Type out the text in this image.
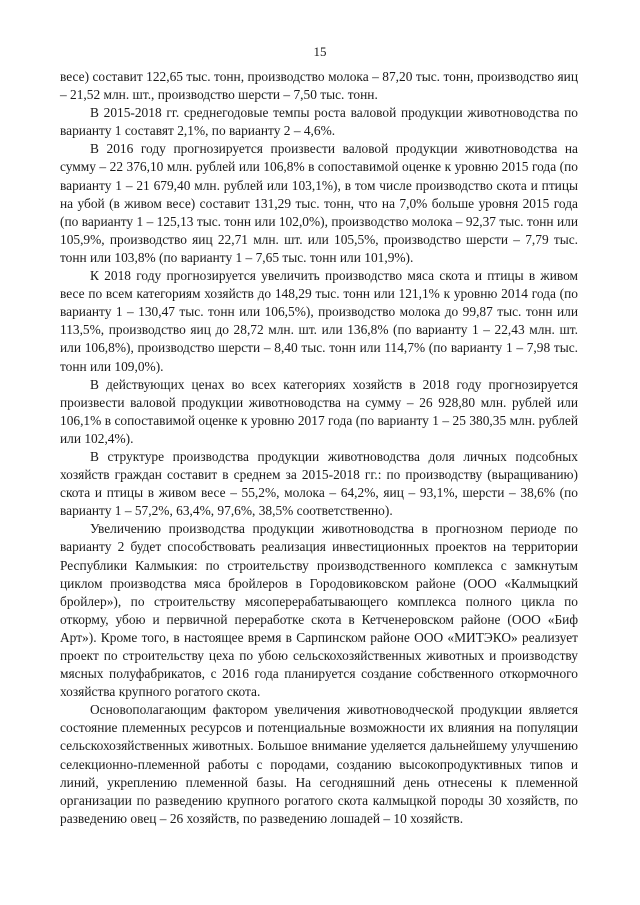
15

весе) составит 122,65 тыс. тонн, производство молока – 87,20 тыс. тонн, производство яиц – 21,52 млн. шт., производство шерсти – 7,50 тыс. тонн.

В 2015-2018 гг. среднегодовые темпы роста валовой продукции животноводства по варианту 1 составят 2,1%, по варианту 2 – 4,6%.

В 2016 году прогнозируется произвести валовой продукции животноводства на сумму – 22 376,10 млн. рублей или 106,8% в сопоставимой оценке к уровню 2015 года (по варианту 1 – 21 679,40 млн. рублей или 103,1%), в том числе производство скота и птицы на убой (в живом весе) составит 131,29 тыс. тонн, что на 7,0% больше уровня 2015 года (по варианту 1 – 125,13 тыс. тонн или 102,0%), производство молока – 92,37 тыс. тонн или 105,9%, производство яиц 22,71 млн. шт. или 105,5%, производство шерсти – 7,79 тыс. тонн или 103,8% (по варианту 1 – 7,65 тыс. тонн или 101,9%).

К 2018 году прогнозируется увеличить производство мяса скота и птицы в живом весе по всем категориям хозяйств до 148,29 тыс. тонн или 121,1% к уровню 2014 года (по варианту 1 – 130,47 тыс. тонн или 106,5%), производство молока до 99,87 тыс. тонн или 113,5%, производство яиц до 28,72 млн. шт. или 136,8% (по варианту 1 – 22,43 млн. шт. или 106,8%), производство шерсти – 8,40 тыс. тонн или 114,7% (по варианту 1 – 7,98 тыс. тонн или 109,0%).

В действующих ценах во всех категориях хозяйств в 2018 году прогнозируется произвести валовой продукции животноводства на сумму – 26 928,80 млн. рублей или 106,1% в сопоставимой оценке к уровню 2017 года (по варианту 1 – 25 380,35 млн. рублей или 102,4%).

В структуре производства продукции животноводства доля личных подсобных хозяйств граждан составит в среднем за 2015-2018 гг.: по производству (выращиванию) скота и птицы в живом весе – 55,2%, молока – 64,2%, яиц – 93,1%, шерсти – 38,6% (по варианту 1 – 57,2%, 63,4%, 97,6%, 38,5% соответственно).

Увеличению производства продукции животноводства в прогнозном периоде по варианту 2 будет способствовать реализация инвестиционных проектов на территории Республики Калмыкия: по строительству производственного комплекса с замкнутым циклом производства мяса бройлеров в Городовиковском районе (ООО «Калмыцкий бройлер»), по строительству мясоперерабатывающего комплекса полного цикла по откорму, убою и первичной переработке скота в Кетченеровском районе (ООО «Биф Арт»). Кроме того, в настоящее время в Сарпинском районе ООО «МИТЭКО» реализует проект по строительству цеха по убою сельскохозяйственных животных и производству мясных полуфабрикатов, с 2016 года планируется создание собственного откормочного хозяйства крупного рогатого скота.

Основополагающим фактором увеличения животноводческой продукции является состояние племенных ресурсов и потенциальные возможности их влияния на популяции сельскохозяйственных животных. Большое внимание уделяется дальнейшему улучшению селекционно-племенной работы с породами, созданию высокопродуктивных типов и линий, укреплению племенной базы. На сегодняшний день отнесены к племенной организации по разведению крупного рогатого скота калмыцкой породы 30 хозяйств, по разведению овец – 26 хозяйств, по разведению лошадей – 10 хозяйств.
